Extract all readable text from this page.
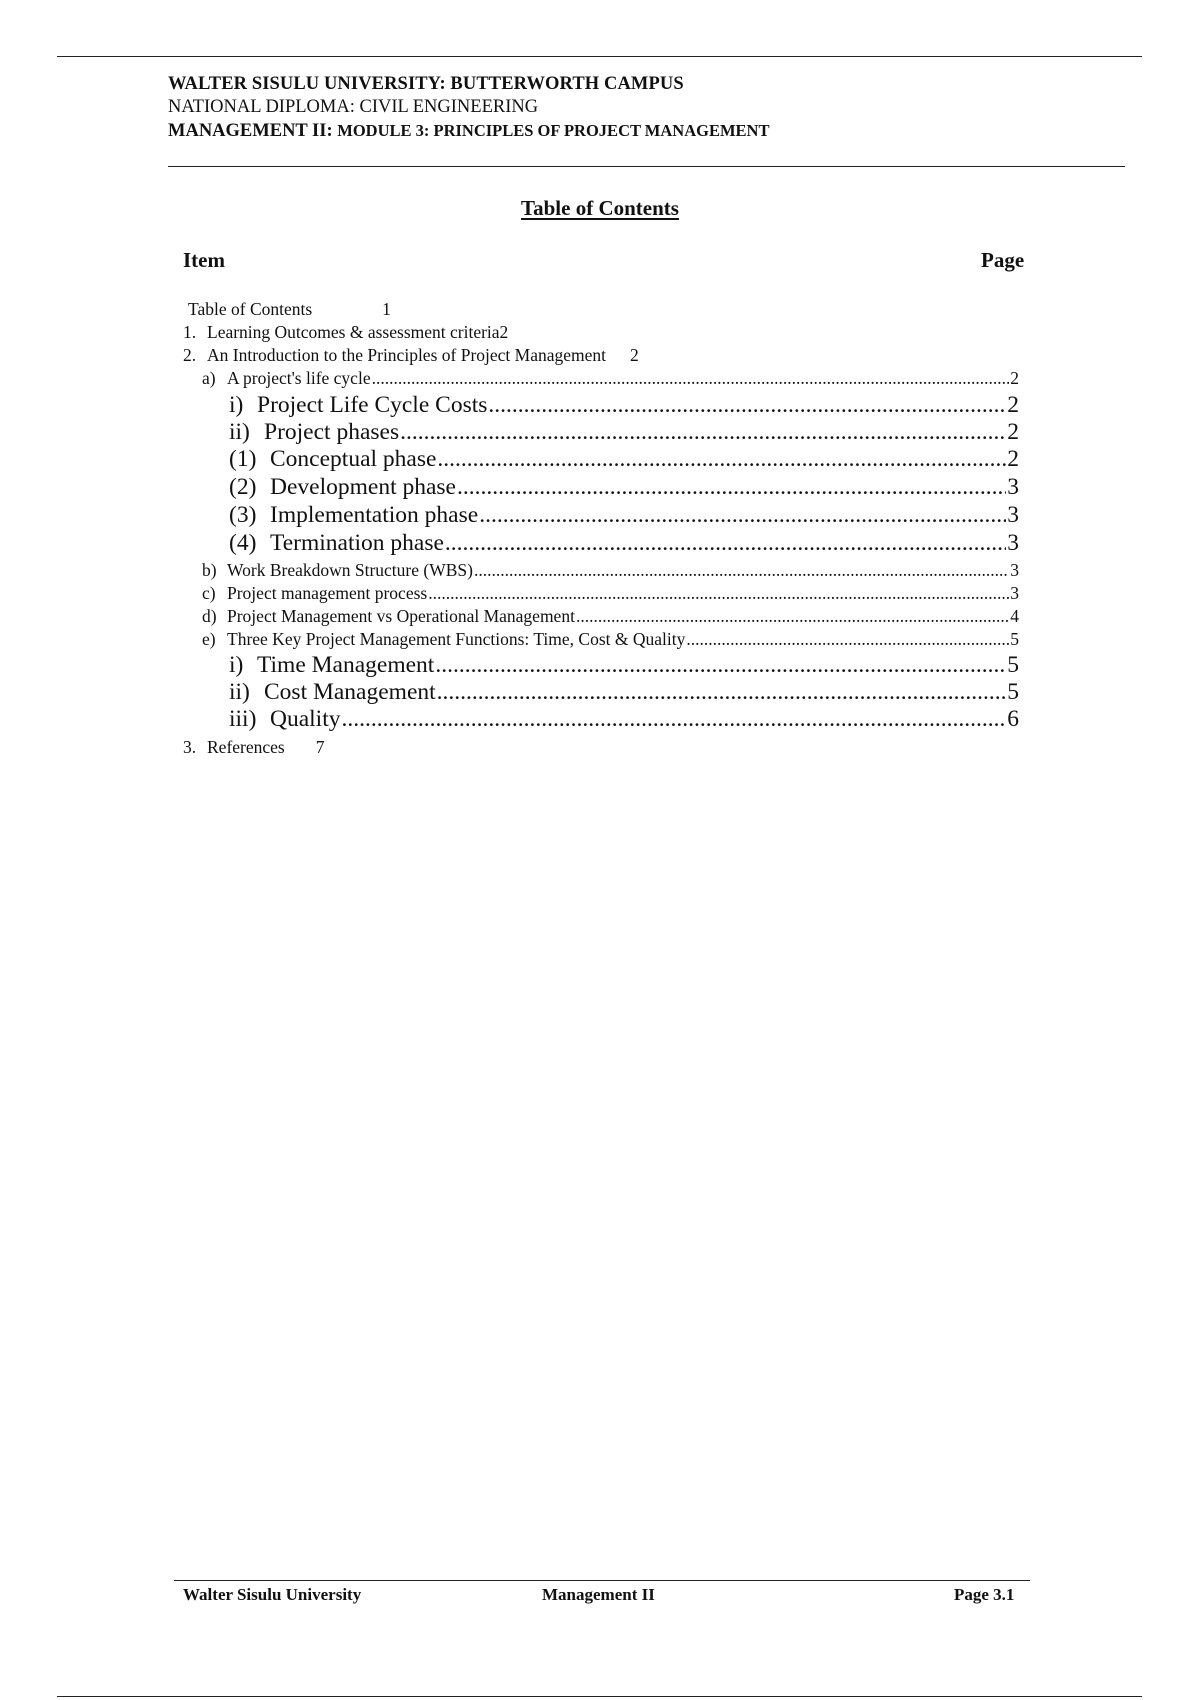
WALTER SISULU UNIVERSITY: BUTTERWORTH CAMPUS
NATIONAL DIPLOMA: CIVIL ENGINEERING
MANAGEMENT II: MODULE 3: PRINCIPLES OF PROJECT MANAGEMENT
Table of Contents
Item	Page
Table of Contents	1
1. Learning Outcomes & assessment criteria 2
2. An Introduction to the Principles of Project Management 2
a) A project's life cycle .....	2
i) Project Life Cycle Costs .....	2
ii) Project phases .....	2
(1) Conceptual phase .....	2
(2) Development phase .....	3
(3) Implementation phase .....	3
(4) Termination phase .....	3
b) Work Breakdown Structure (WBS) .....	3
c) Project management process .....	3
d) Project Management vs Operational Management .....	4
e) Three Key Project Management Functions: Time, Cost & Quality .....	5
i) Time Management .....	5
ii) Cost Management .....	5
iii) Quality .....	6
3. References 7
Walter Sisulu University	Management II	Page 3.1
